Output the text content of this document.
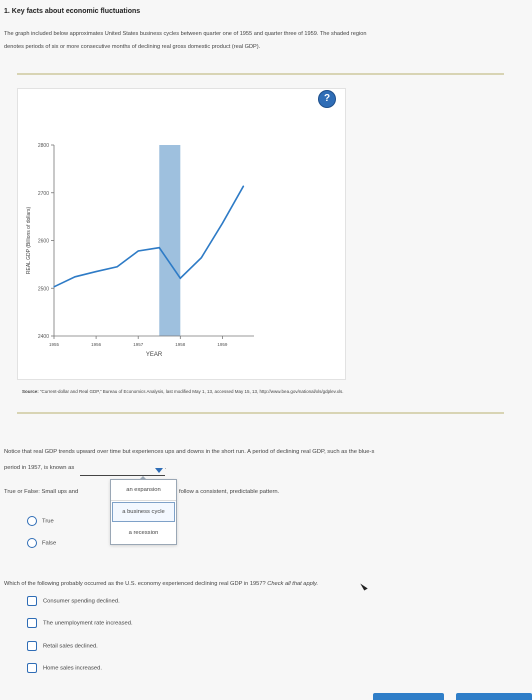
1. Key facts about economic fluctuations
The graph included below approximates United States business cycles between quarter one of 1955 and quarter three of 1959. The shaded region
denotes periods of six or more consecutive months of declining real gross domestic product (real GDP).
2400
2500
2600
2700
2800
1955	1956	1957	1958	1959
YEAR
REAL GDP (Billions of dollars)
?
Source: “Current-dollar and Real GDP,” Bureau of Economics Analysis, last modified May 1, 13, accessed May 15, 13, http://www.bea.gov/national/xls/gdplev.xls.
Notice that real GDP trends upward over time but experiences ups and downs in the short run. A period of declining real GDP, such as the blue-s
period in 1957, is known as	.
True or False: Small ups and	follow a consistent, predictable pattern.
an expansion
a business cycle
a recession
True
False
Which of the following probably occurred as the U.S. economy experienced declining real GDP in 1957? Check all that apply.
Consumer spending declined.
The unemployment rate increased.
Retail sales declined.
Home sales increased.
